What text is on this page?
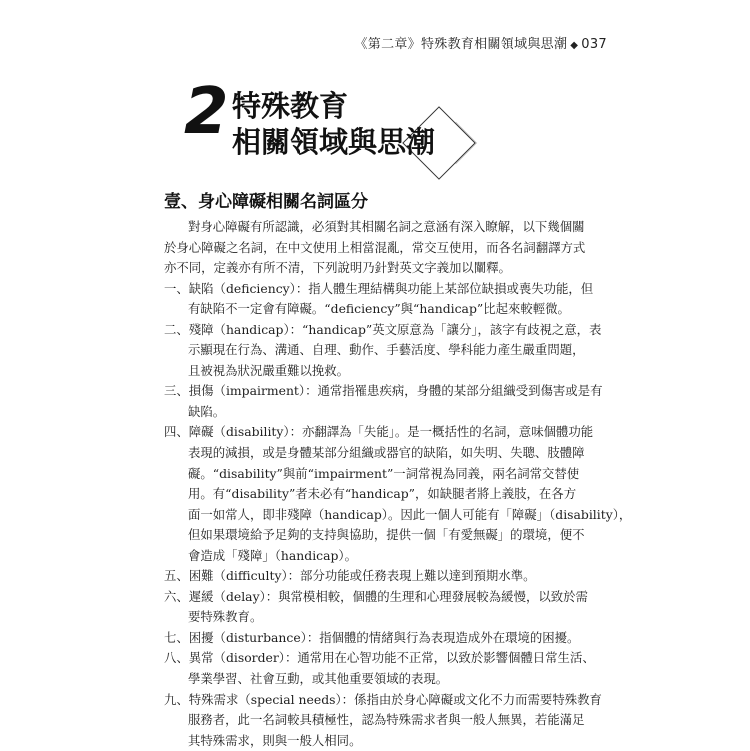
《第二章》特殊教育相關領域與思潮 ◆ 037
2 特殊教育
相關領域與思潮
壹、身心障礙相關名詞區分
對身心障礙有所認識，必須對其相關名詞之意涵有深入瞭解，以下幾個關
於身心障礙之名詞，在中文使用上相當混亂，常交互使用，而各名詞翻譯方式
亦不同，定義亦有所不清，下列說明乃針對英文字義加以闡釋。
一、缺陷（deficiency）：指人體生理結構與功能上某部位缺損或喪失功能，但
有缺陷不一定會有障礙。“deficiency”與“handicap”比起來較輕微。
二、殘障（handicap）：“handicap”英文原意為「讓分」，該字有歧視之意，表
示顯現在行為、溝通、自理、動作、手藝活度、學科能力產生嚴重問題，
且被視為狀況嚴重難以挽救。
三、損傷（impairment）：通常指罹患疾病，身體的某部分組織受到傷害或是有
缺陷。
四、障礙（disability）：亦翻譯為「失能」。是一概括性的名詞，意味個體功能
表現的減損，或是身體某部分組織或器官的缺陷，如失明、失聰、肢體障
礙。“disability”與前“impairment”一詞常視為同義，兩名詞常交替使
用。有“disability”者未必有“handicap”，如缺腿者將上義肢，在各方
面一如常人，即非殘障（handicap）。因此一個人可能有「障礙」（disability），
但如果環境給予足夠的支持與協助，提供一個「有愛無礙」的環境，便不
會造成「殘障」（handicap）。
五、困難（difficulty）：部分功能或任務表現上難以達到預期水準。
六、遲緩（delay）：與常模相較，個體的生理和心理發展較為緩慢，以致於需
要特殊教育。
七、困擾（disturbance）：指個體的情緒與行為表現造成外在環境的困擾。
八、異常（disorder）：通常用在心智功能不正常，以致於影響個體日常生活、
學業學習、社會互動，或其他重要領域的表現。
九、特殊需求（special needs）：係指由於身心障礙或文化不力而需要特殊教育
服務者，此一名詞較具積極性，認為特殊需求者與一般人無異，若能滿足
其特殊需求，則與一般人相同。
